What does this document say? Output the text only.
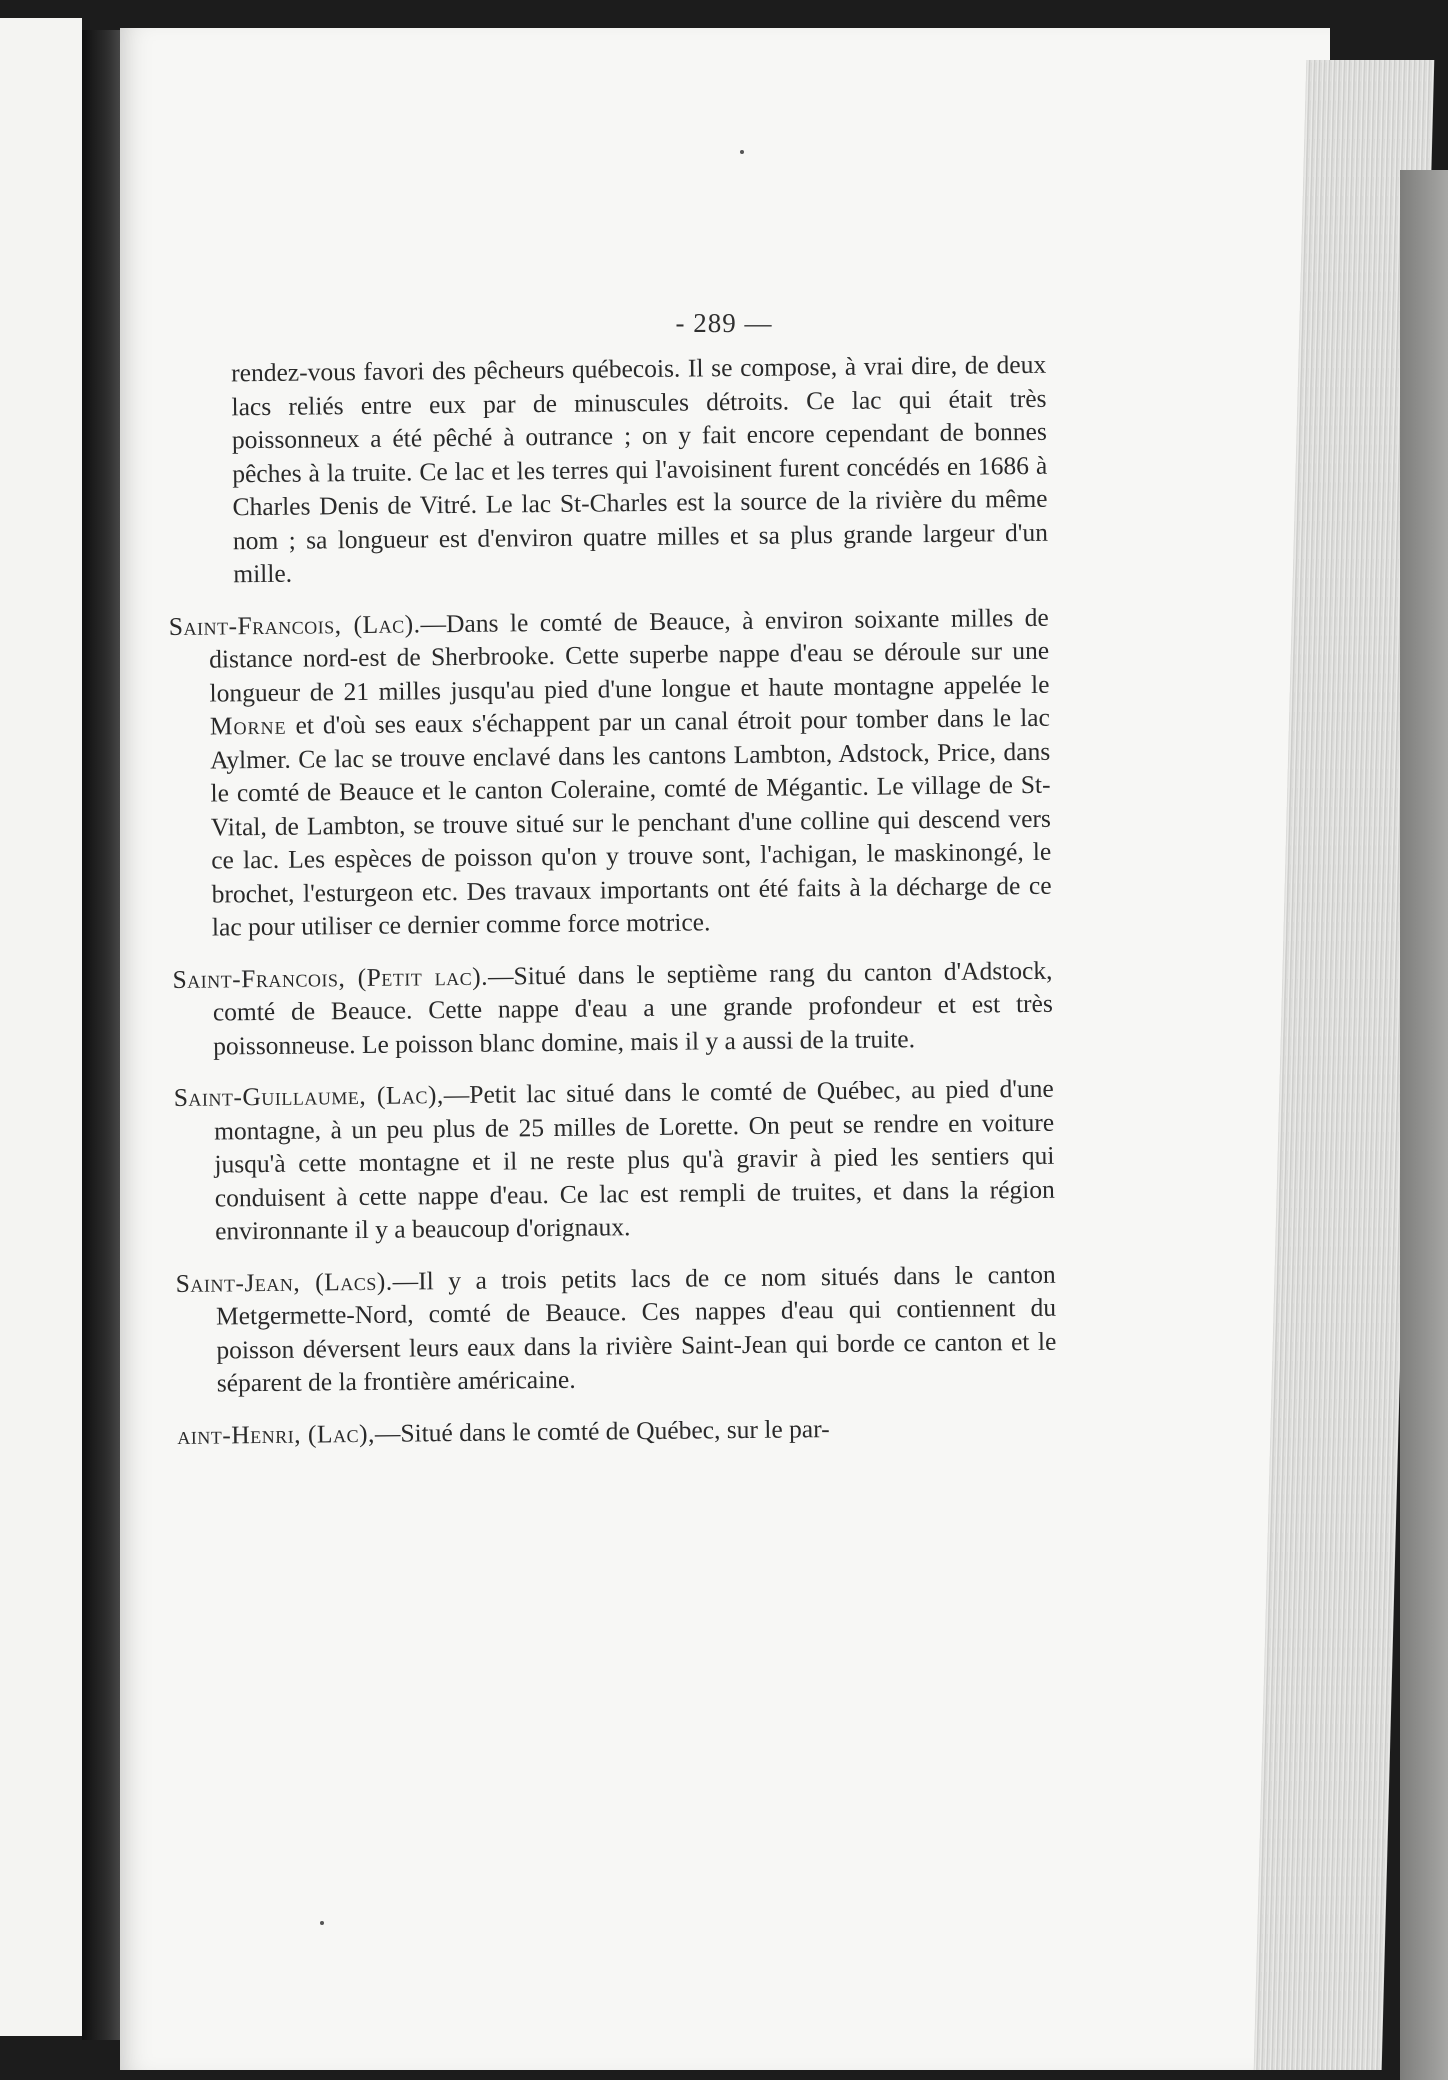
- 289 —

rendez-vous favori des pêcheurs québecois. Il se compose, à vrai dire, de deux lacs reliés entre eux par de minuscules détroits. Ce lac qui était très poissonneux a été pêché à outrance ; on y fait encore cependant de bonnes pêches à la truite. Ce lac et les terres qui l'avoisinent furent concédés en 1686 à Charles Denis de Vitré. Le lac St-Charles est la source de la rivière du même nom ; sa longueur est d'environ quatre milles et sa plus grande largeur d'un mille.

Saint-Francois, (Lac).—Dans le comté de Beauce, à environ soixante milles de distance nord-est de Sherbrooke. Cette superbe nappe d'eau se déroule sur une longueur de 21 milles jusqu'au pied d'une longue et haute montagne appelée le Morne et d'où ses eaux s'échappent par un canal étroit pour tomber dans le lac Aylmer. Ce lac se trouve enclavé dans les cantons Lambton, Adstock, Price, dans le comté de Beauce et le canton Coleraine, comté de Mégantic. Le village de St-Vital, de Lambton, se trouve situé sur le penchant d'une colline qui descend vers ce lac. Les espèces de poisson qu'on y trouve sont, l'achigan, le maskinongé, le brochet, l'esturgeon etc. Des travaux importants ont été faits à la décharge de ce lac pour utiliser ce dernier comme force motrice.

Saint-Francois, (Petit lac).—Situé dans le septième rang du canton d'Adstock, comté de Beauce. Cette nappe d'eau a une grande profondeur et est très poissonneuse. Le poisson blanc domine, mais il y a aussi de la truite.

Saint-Guillaume, (Lac),—Petit lac situé dans le comté de Québec, au pied d'une montagne, à un peu plus de 25 milles de Lorette. On peut se rendre en voiture jusqu'à cette montagne et il ne reste plus qu'à gravir à pied les sentiers qui conduisent à cette nappe d'eau. Ce lac est rempli de truites, et dans la région environnante il y a beaucoup d'orignaux.

Saint-Jean, (Lacs).—Il y a trois petits lacs de ce nom situés dans le canton Metgermette-Nord, comté de Beauce. Ces nappes d'eau qui contiennent du poisson déversent leurs eaux dans la rivière Saint-Jean qui borde ce canton et le séparent de la frontière américaine.

aint-Henri, (Lac),—Situé dans le comté de Québec, sur le par-
